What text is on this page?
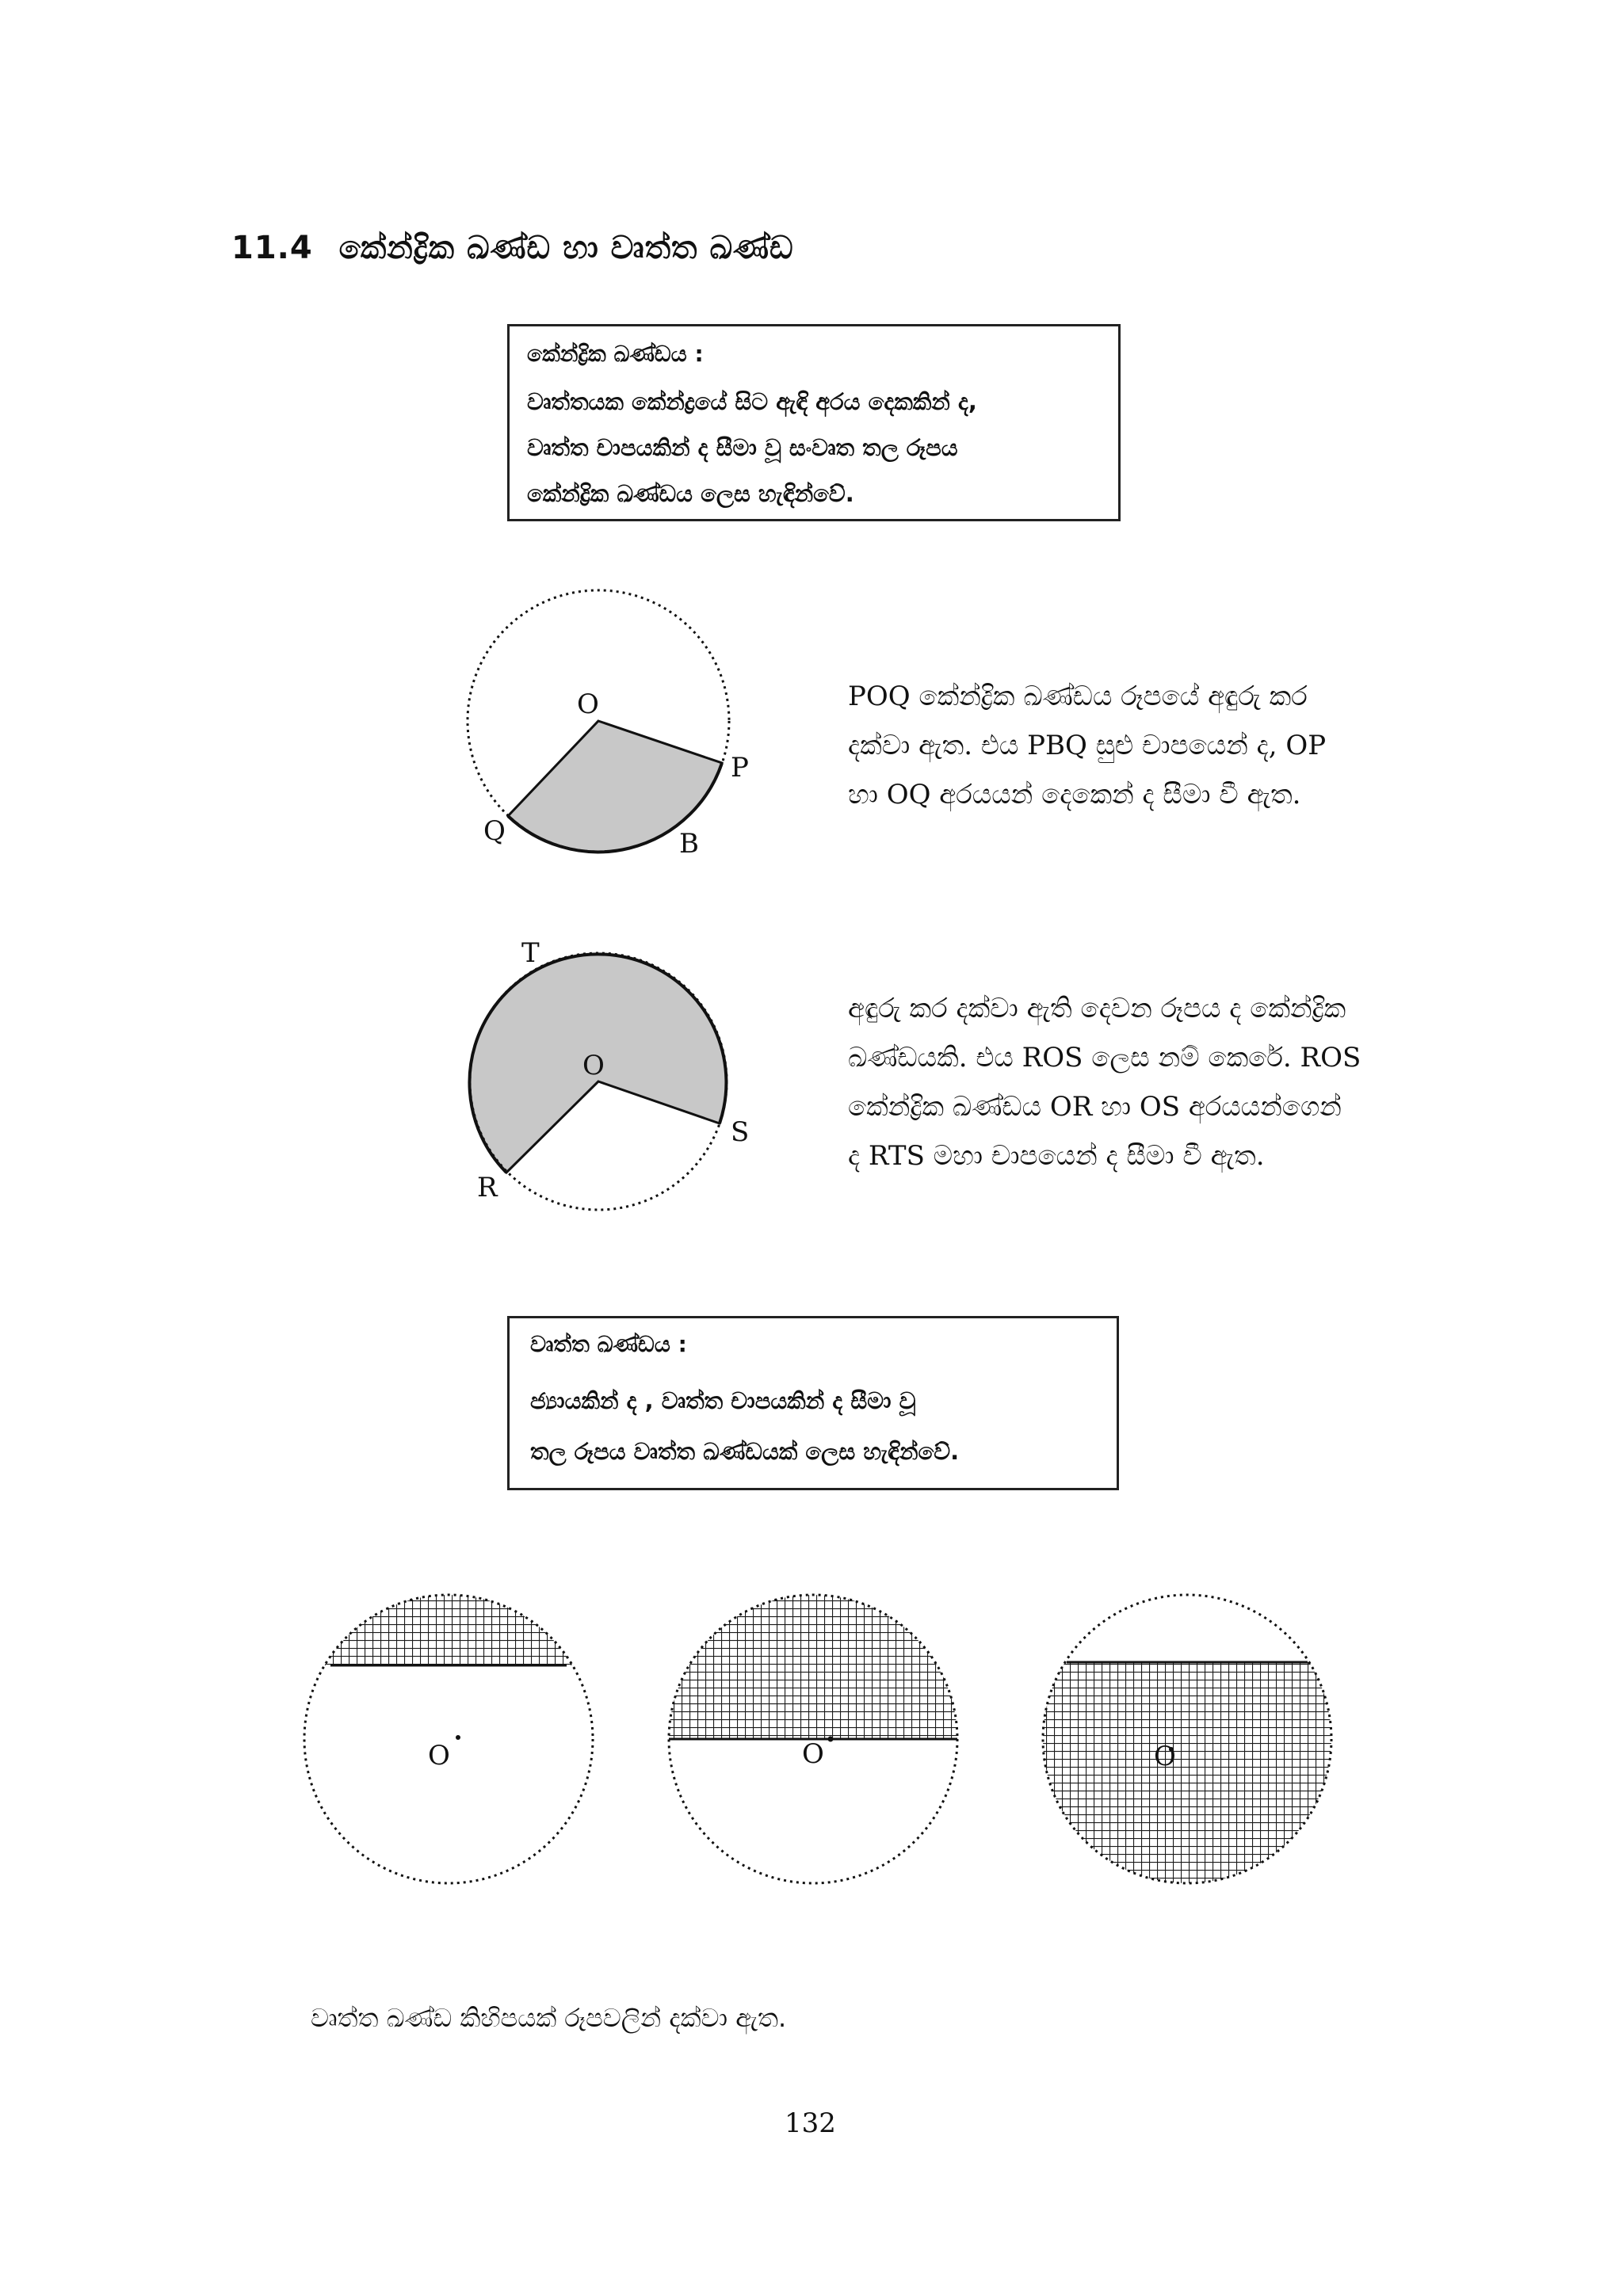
11.4 කේන්ද්‍රික ඛණ්ඩ හා වෘත්ත ඛණ්ඩ
කේන්ද්‍රික ඛණ්ඩය :
වෘත්තයක කේන්ද්‍රයේ සිට ඇඳි අරය දෙකකින් ද,
වෘත්ත චාපයකින් ද සීමා වූ සංවෘත තල රූපය
කේන්ද්‍රික ඛණ්ඩය ලෙස හැඳින්වේ.
O
P
Q	B
POQ කේන්ද්‍රික ඛණ්ඩය රූපයේ අඳුරු කර
දක්වා ඇත. එය PBQ සුළු චාපයෙන් ද, OP
හා OQ අරයයන් දෙකෙන් ද සීමා වී ඇත.
O
T
S
R
අඳුරු කර දක්වා ඇති දෙවන රූපය ද කේන්ද්‍රික
ඛණ්ඩයකි. එය ROS ලෙස නම් කෙරේ. ROS
කේන්ද්‍රික ඛණ්ඩය OR හා OS අරයයන්ගෙන්
ද RTS මහා චාපයෙන් ද සීමා වී ඇත.
වෘත්ත ඛණ්ඩය :
ජ්‍යායකින් ද , වෘත්ත චාපයකින් ද සීමා වූ
තල රූපය වෘත්ත ඛණ්ඩයක් ලෙස හැඳින්වේ.
O	O	O
වෘත්ත ඛණ්ඩ කිහිපයක් රූපවලින් දක්වා ඇත.
132
